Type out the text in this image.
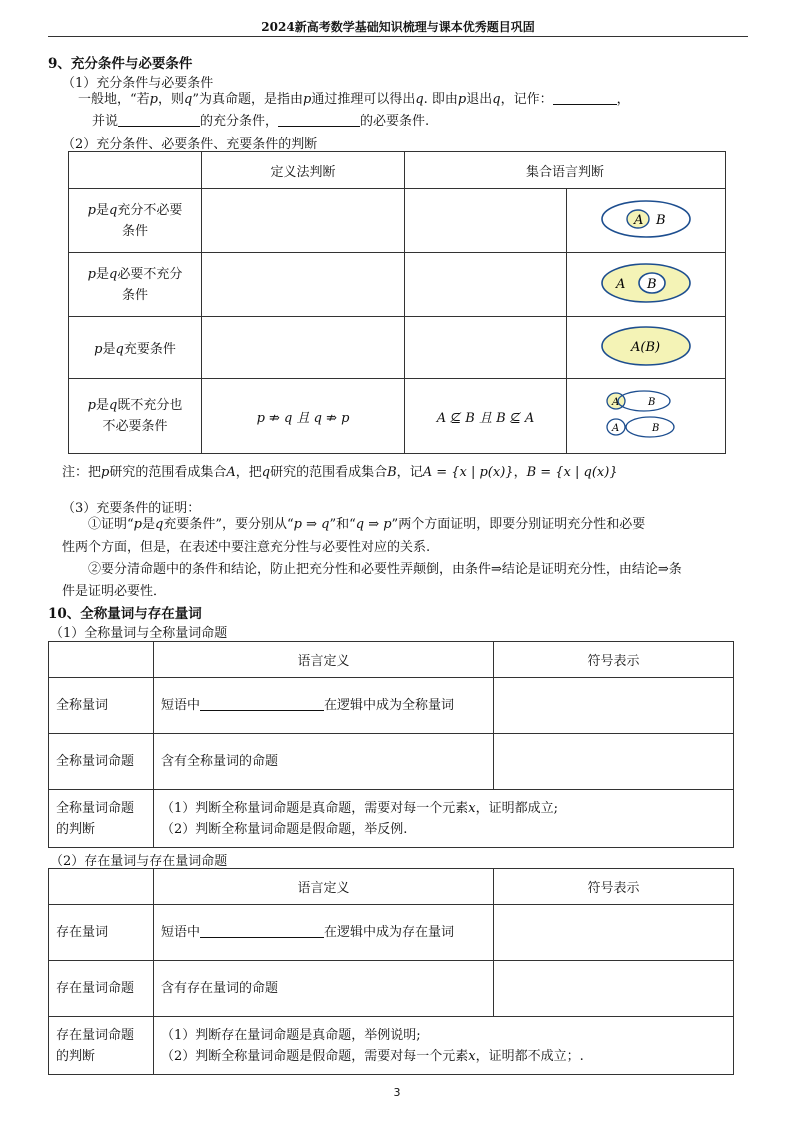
2024新高考数学基础知识梳理与课本优秀题目巩固
9、充分条件与必要条件
（1）充分条件与必要条件
一般地，“若p，则q”为真命题，是指由p通过推理可以得出q. 即由p退出q，记作：	，
并说	的充分条件，	的必要条件.
（2）充分条件、必要条件、充要条件的判断
	定义法判断	集合语言判断	
p是q充分不必要
条件			A B

p是q必要不充分
条件			A B

p是q充要条件			A(B)

p是q既不充分也
不必要条件	p ⇏ q 且 q ⇏ p	A ⊈ B 且 B ⊈ A	A B
A B
注：把p研究的范围看成集合A，把q研究的范围看成集合B，记A = {x | p(x)}，B = {x | q(x)}
（3）充要条件的证明：
①证明“p是q充要条件”，要分别从“p ⇒ q”和“q ⇒ p”两个方面证明，即要分别证明充分性和必要
性两个方面，但是，在表述中要注意充分性与必要性对应的关系.
②要分清命题中的条件和结论，防止把充分性和必要性弄颠倒，由条件⇒结论是证明充分性，由结论⇒条
件是证明必要性．
10、全称量词与存在量词
（1）全称量词与全称量词命题
	语言定义	符号表示
全称量词	短语中 在逻辑中成为全称量词	
全称量词命题	含有全称量词的命题	
全称量词命题
的判断	（1）判断全称量词命题是真命题，需要对每一个元素x，证明都成立;
（2）判断全称量词命题是假命题，举反例.	
（2）存在量词与存在量词命题
	语言定义	符号表示
存在量词	短语中 在逻辑中成为存在量词	
存在量词命题	含有存在量词的命题	
存在量词命题
的判断	（1）判断存在量词命题是真命题，举例说明;
（2）判断全称量词命题是假命题，需要对每一个元素x，证明都不成立；.	
3
